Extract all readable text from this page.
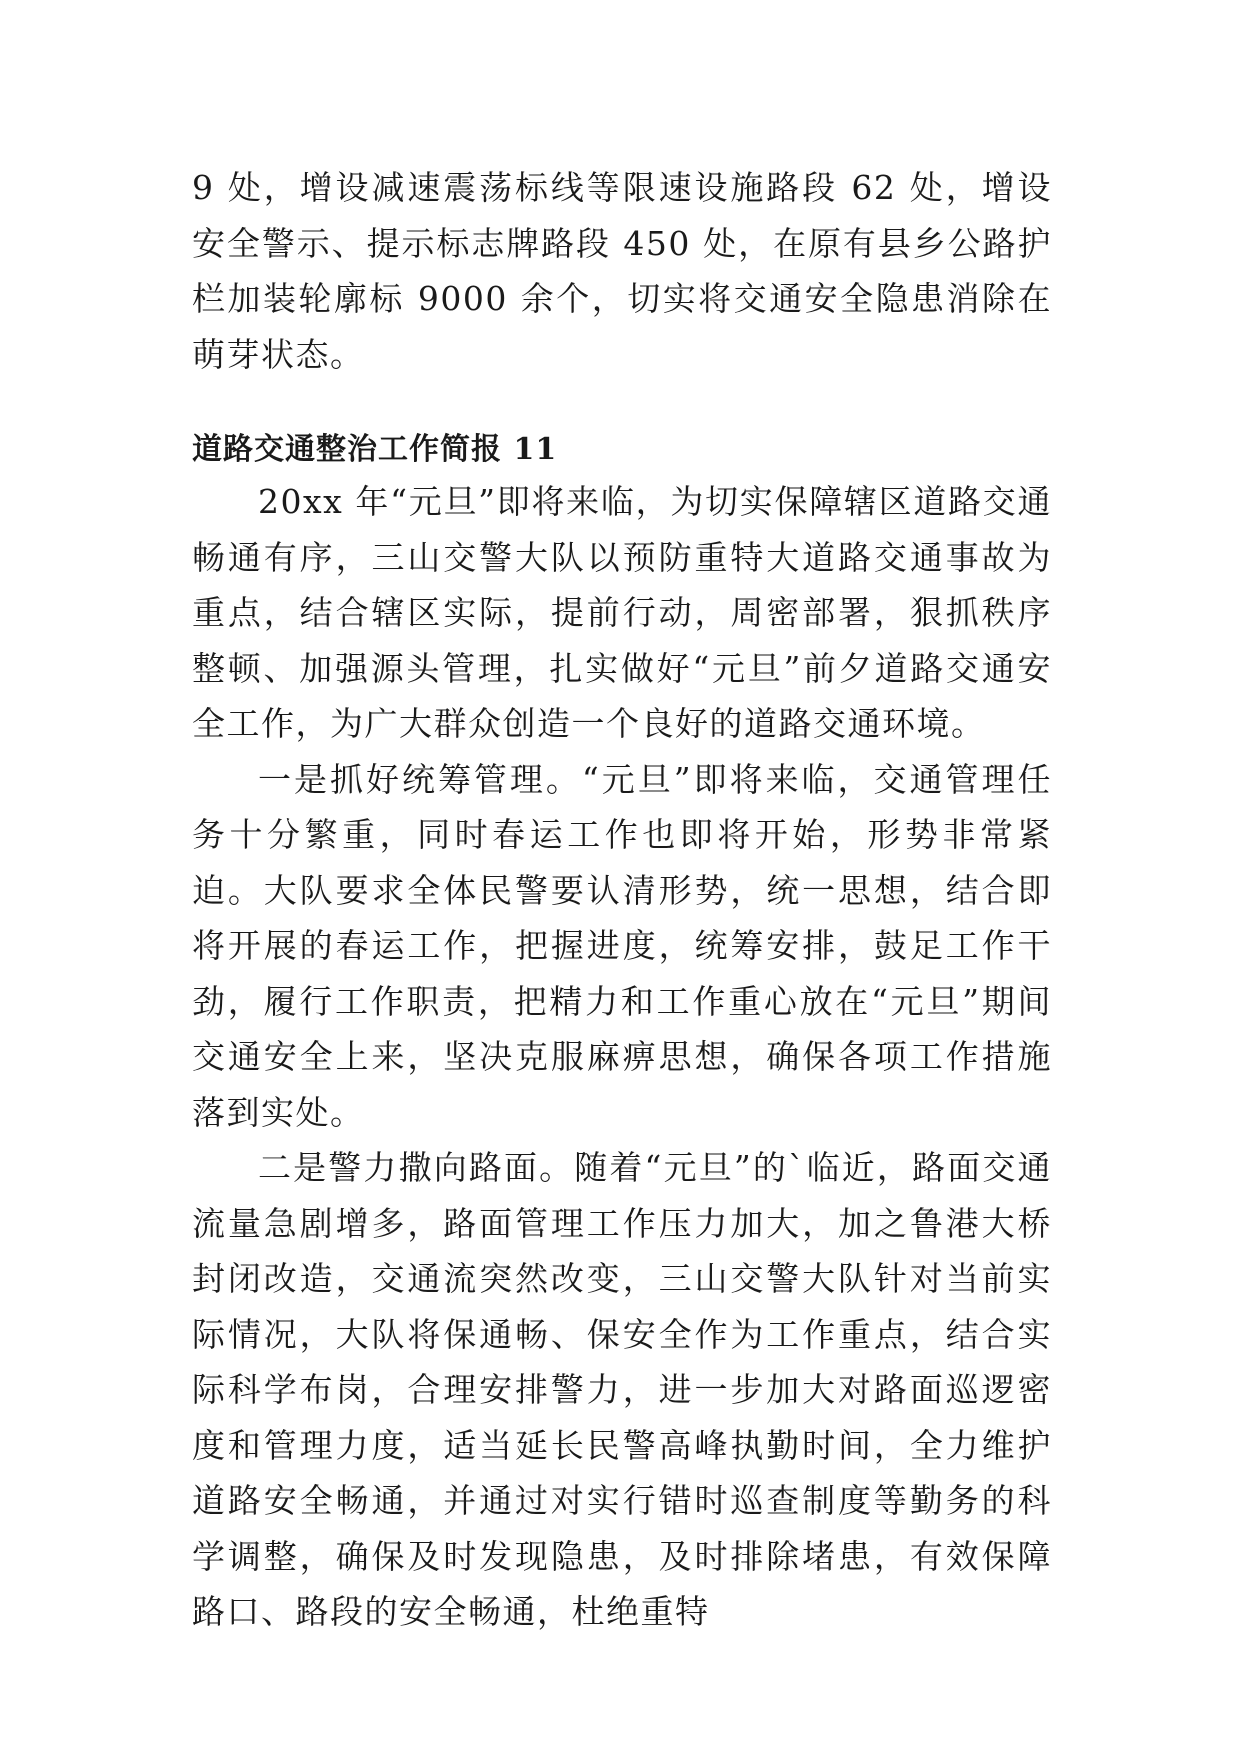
9 处，增设减速震荡标线等限速设施路段 62 处，增设安全警示、提示标志牌路段 450 处，在原有县乡公路护栏加装轮廓标 9000 余个，切实将交通安全隐患消除在萌芽状态。

道路交通整治工作简报 11

20xx 年“元旦”即将来临，为切实保障辖区道路交通畅通有序，三山交警大队以预防重特大道路交通事故为重点，结合辖区实际，提前行动，周密部署，狠抓秩序整顿、加强源头管理，扎实做好“元旦”前夕道路交通安全工作，为广大群众创造一个良好的道路交通环境。

一是抓好统筹管理。“元旦”即将来临，交通管理任务十分繁重，同时春运工作也即将开始，形势非常紧迫。大队要求全体民警要认清形势，统一思想，结合即将开展的春运工作，把握进度，统筹安排，鼓足工作干劲，履行工作职责，把精力和工作重心放在“元旦”期间交通安全上来，坚决克服麻痹思想，确保各项工作措施落到实处。

二是警力撒向路面。随着“元旦”的`临近，路面交通流量急剧增多，路面管理工作压力加大，加之鲁港大桥封闭改造，交通流突然改变，三山交警大队针对当前实际情况，大队将保通畅、保安全作为工作重点，结合实际科学布岗，合理安排警力，进一步加大对路面巡逻密度和管理力度，适当延长民警高峰执勤时间，全力维护道路安全畅通，并通过对实行错时巡查制度等勤务的科学调整，确保及时发现隐患，及时排除堵患，有效保障路口、路段的安全畅通，杜绝重特
